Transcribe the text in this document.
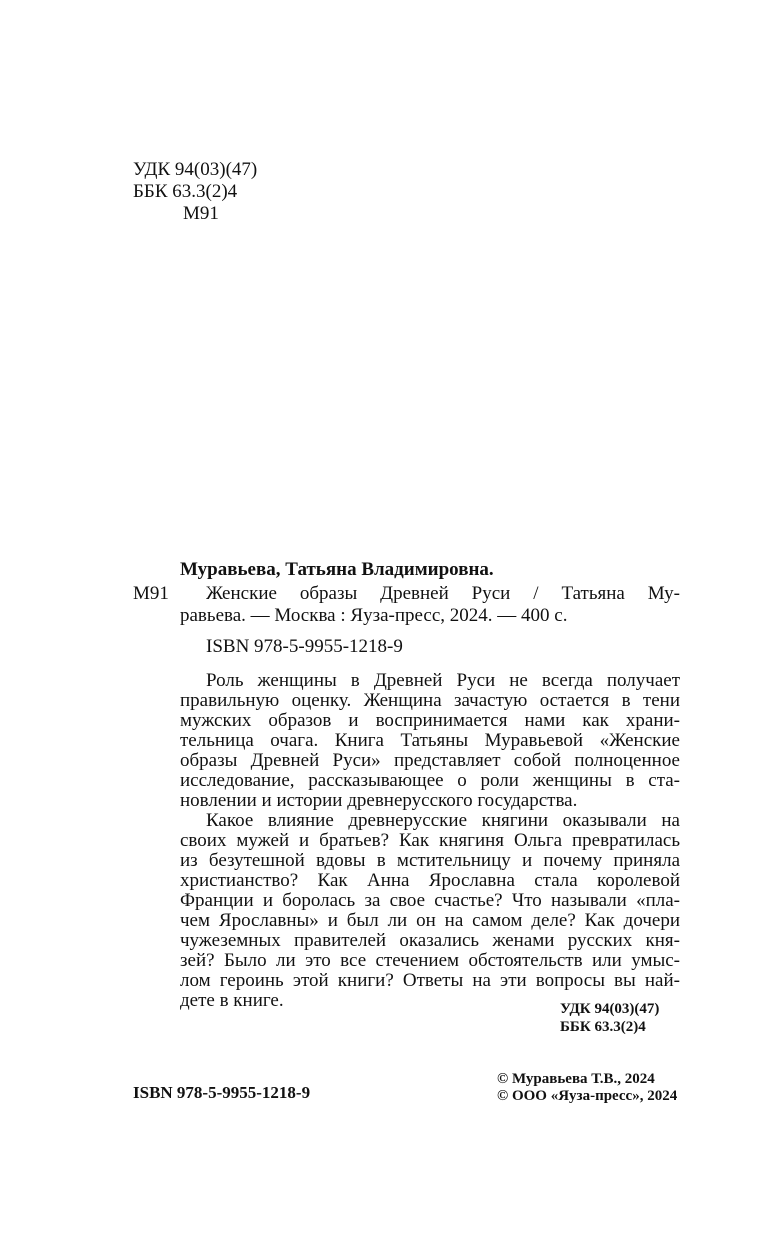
УДК 94(03)(47)
ББК 63.3(2)4
М91
Муравьева, Татьяна Владимировна.
М91 Женские образы Древней Руси / Татьяна Му-
равьева. — Москва : Яуза-пресс, 2024. — 400 с.
ISBN 978-5-9955-1218-9
Роль женщины в Древней Руси не всегда получает
правильную оценку. Женщина зачастую остается в тени
мужских образов и воспринимается нами как храни-
тельница очага. Книга Татьяны Муравьевой «Женские
образы Древней Руси» представляет собой полноценное
исследование, рассказывающее о роли женщины в ста-
новлении и истории древнерусского государства.
Какое влияние древнерусские княгини оказывали на
своих мужей и братьев? Как княгиня Ольга превратилась
из безутешной вдовы в мстительницу и почему приняла
христианство? Как Анна Ярославна стала королевой
Франции и боролась за свое счастье? Что называли «пла-
чем Ярославны» и был ли он на самом деле? Как дочери
чужеземных правителей оказались женами русских кня-
зей? Было ли это все стечением обстоятельств или умыс-
лом героинь этой книги? Ответы на эти вопросы вы най-
дете в книге.	УДК 94(03)(47)
ББК 63.3(2)4
ISBN 978-5-9955-1218-9
© Муравьева Т.В., 2024
© ООО «Яуза-пресс», 2024
